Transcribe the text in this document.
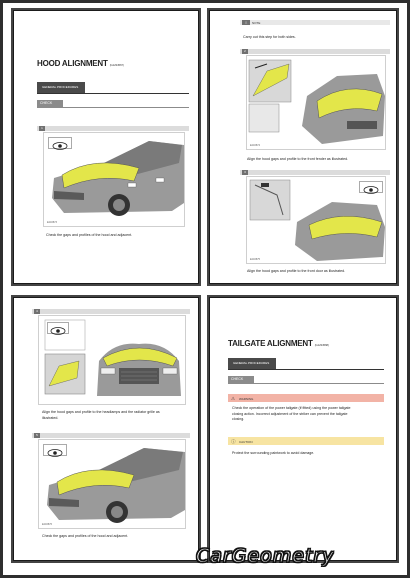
HOOD ALIGNMENT (G1234567)
GENERAL PROCEDURES
CHECK
1
E246873
Check the gaps and profiles of the hood and adjacent.
△	NOTE
Carry out this step for both sides.
2
E246874
Align the hood gaps and profile to the front fender as illustrated.
3
E246875
Align the hood gaps and profile to the front door as illustrated.
4
Align the hood gaps and profile to the headlamps and the radiator grille as
illustrated.
5
E246876
Check the gaps and profiles of the hood and adjacent.
TAILGATE ALIGNMENT (G1234568)
GENERAL PROCEDURES
CHECK
⚠ WARNING
Check the operation of the power tailgate (if fitted) using the power tailgate
closing action. Incorrect adjustment of the striker can prevent the tailgate
closing.
ⓘ CAUTION
Protect the surrounding paintwork to avoid damage.
CarGeometry
